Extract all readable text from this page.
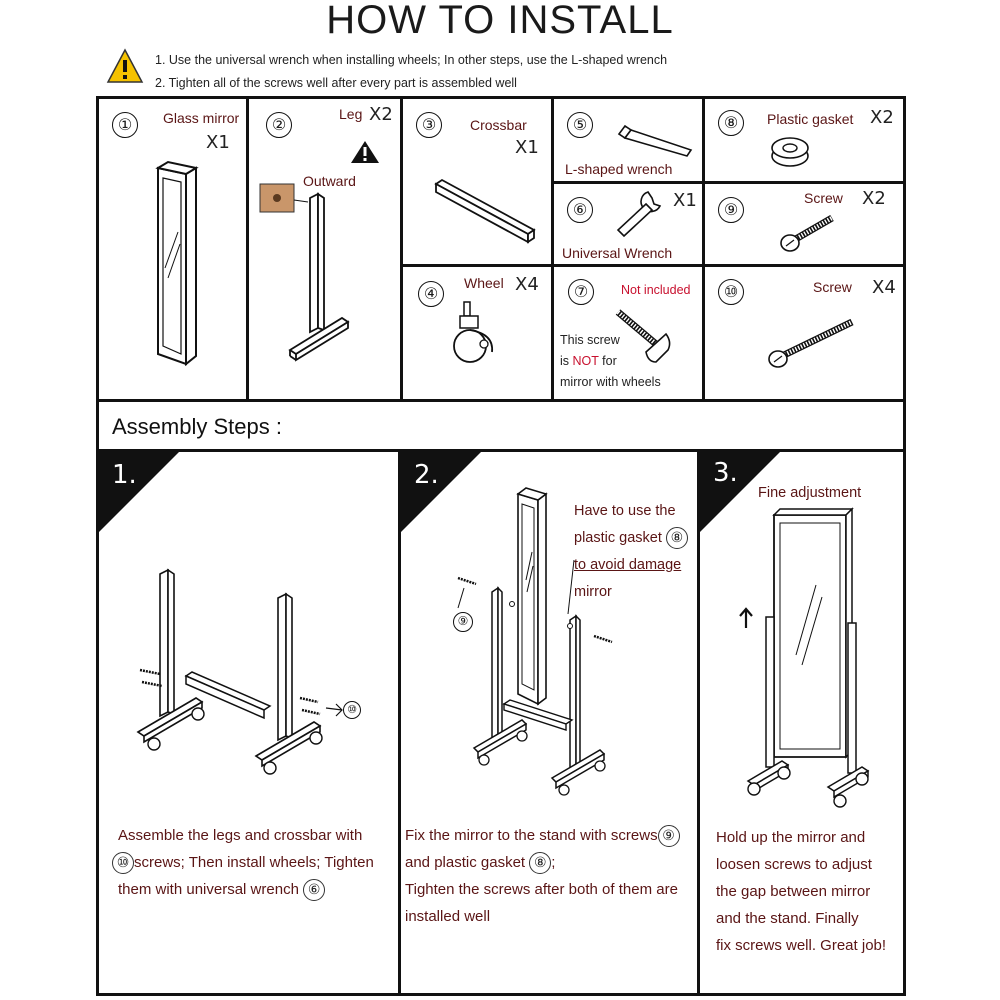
HOW TO INSTALL
1. Use the universal wrench when installing wheels; In other steps, use the L-shaped wrench
2. Tighten all of the screws well after every part is assembled well
①	Glass mirror
X1
②
Leg X2
Outward
③	Crossbar
X1
④
Wheel X4
⑤
L-shaped wrench
⑥	X1
Universal Wrench
⑦	Not included
This screw
is NOT for
mirror with wheels
⑧	Plastic gasket X2
⑨
Screw X2
⑩	Screw X4
Assembly Steps :
1.
⑩
Assemble the legs and crossbar with
⑩ screws; Then install wheels; Tighten
them with universal wrench ⑥
2.
⑨
Have to use the
plastic gasket ⑧
to avoid damage
mirror
Fix the mirror to the stand with screws ⑨
and plastic gasket ⑧ ;
Tighten the screws after both of them are
installed well
3.
Fine adjustment
Hold up the mirror and
loosen screws to adjust
the gap between mirror
and the stand. Finally
fix screws well. Great job!
